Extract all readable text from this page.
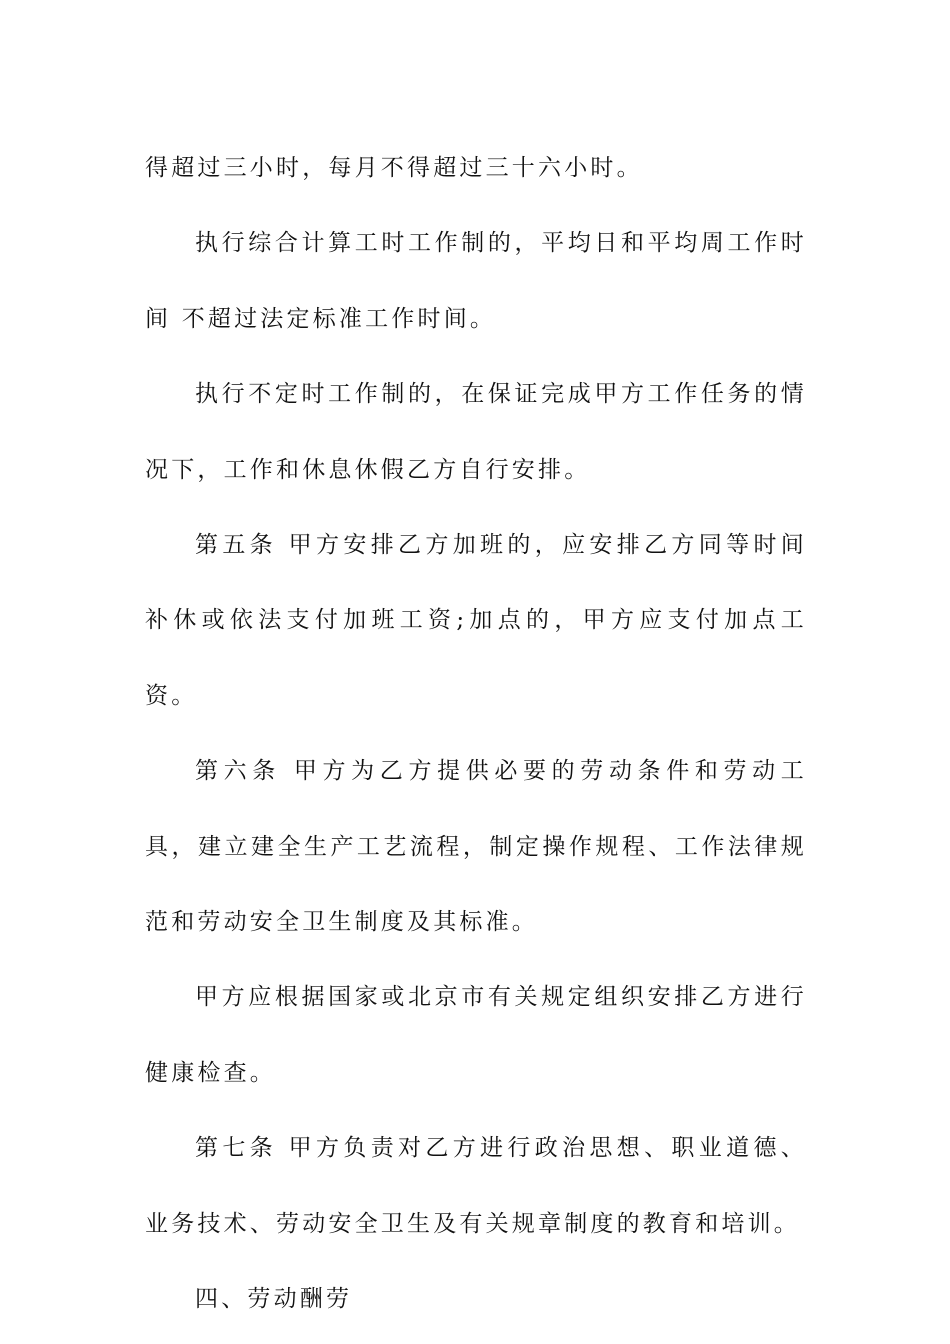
得超过三小时，每月不得超过三十六小时。

执行综合计算工时工作制的，平均日和平均周工作时间 不超过法定标准工作时间。

执行不定时工作制的，在保证完成甲方工作任务的情况下，工作和休息休假乙方自行安排。

第五条 甲方安排乙方加班的，应安排乙方同等时间补休或依法支付加班工资;加点的，甲方应支付加点工资。

第六条 甲方为乙方提供必要的劳动条件和劳动工具，建立建全生产工艺流程，制定操作规程、工作法律规范和劳动安全卫生制度及其标准。

甲方应根据国家或北京市有关规定组织安排乙方进行健康检查。

第七条 甲方负责对乙方进行政治思想、职业道德、业务技术、劳动安全卫生及有关规章制度的教育和培训。

四、劳动酬劳
